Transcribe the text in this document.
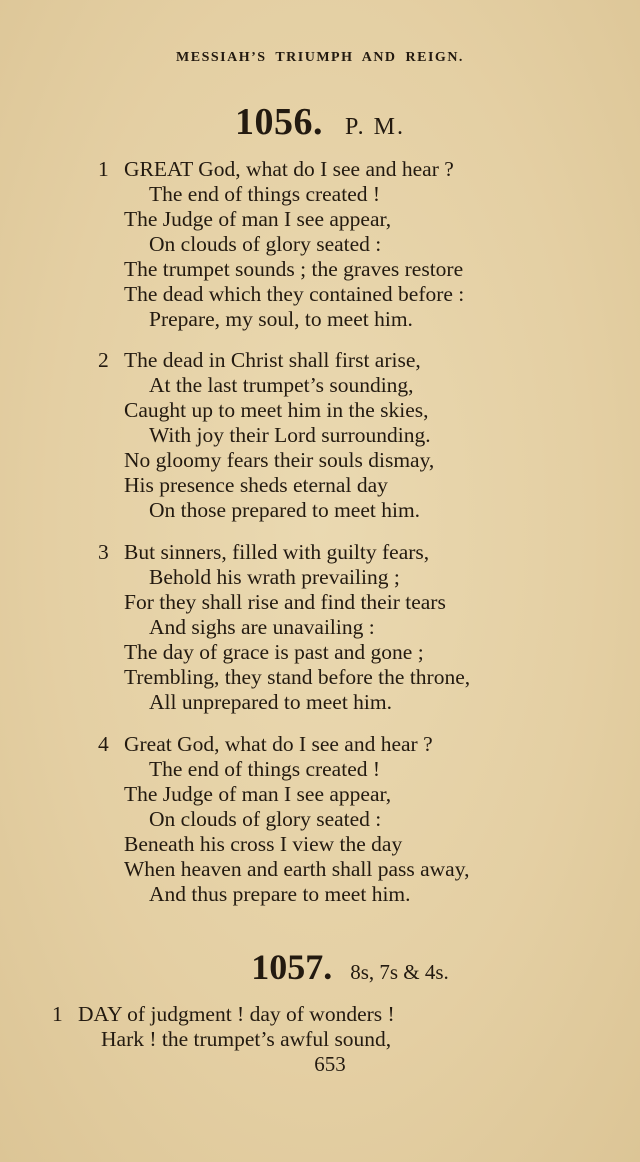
MESSIAH’S TRIUMPH AND REIGN.
1056. P. M.
1 GREAT God, what do I see and hear ?
The end of things created !
The Judge of man I see appear,
On clouds of glory seated :
The trumpet sounds ; the graves restore
The dead which they contained before :
Prepare, my soul, to meet him.
2 The dead in Christ shall first arise,
At the last trumpet’s sounding,
Caught up to meet him in the skies,
With joy their Lord surrounding.
No gloomy fears their souls dismay,
His presence sheds eternal day
On those prepared to meet him.
3 But sinners, filled with guilty fears,
Behold his wrath prevailing ;
For they shall rise and find their tears
And sighs are unavailing :
The day of grace is past and gone ;
Trembling, they stand before the throne,
All unprepared to meet him.
4 Great God, what do I see and hear ?
The end of things created !
The Judge of man I see appear,
On clouds of glory seated :
Beneath his cross I view the day
When heaven and earth shall pass away,
And thus prepare to meet him.
1057. 8s, 7s & 4s.
1 DAY of judgment ! day of wonders !
Hark ! the trumpet’s awful sound,
653
